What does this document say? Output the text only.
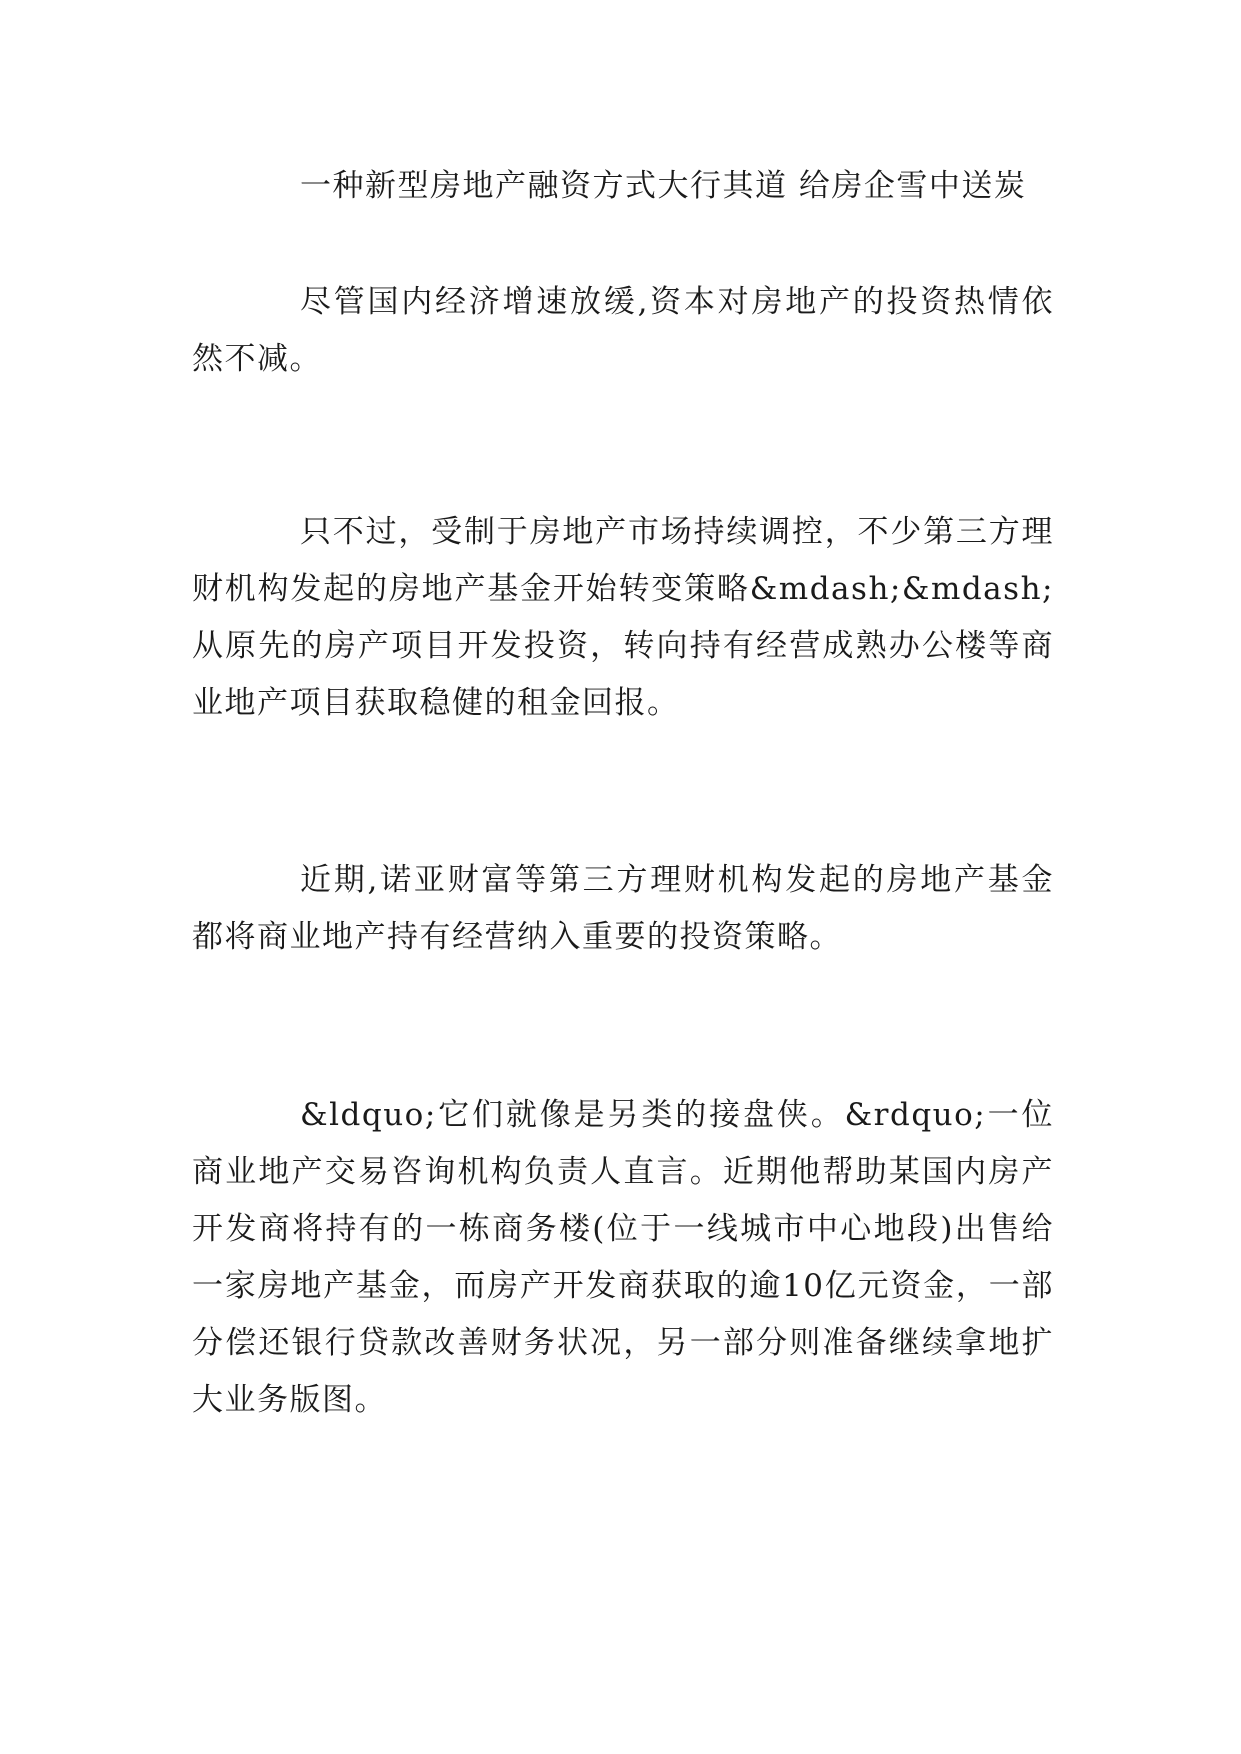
一种新型房地产融资方式大行其道 给房企雪中送炭

尽管国内经济增速放缓,资本对房地产的投资热情依然不减。

只不过，受制于房地产市场持续调控，不少第三方理财机构发起的房地产基金开始转变策略&mdash;&mdash;从原先的房产项目开发投资，转向持有经营成熟办公楼等商业地产项目获取稳健的租金回报。

近期,诺亚财富等第三方理财机构发起的房地产基金都将商业地产持有经营纳入重要的投资策略。

&ldquo;它们就像是另类的接盘侠。&rdquo;一位商业地产交易咨询机构负责人直言。近期他帮助某国内房产开发商将持有的一栋商务楼(位于一线城市中心地段)出售给一家房地产基金，而房产开发商获取的逾10亿元资金，一部分偿还银行贷款改善财务状况，另一部分则准备继续拿地扩大业务版图。
